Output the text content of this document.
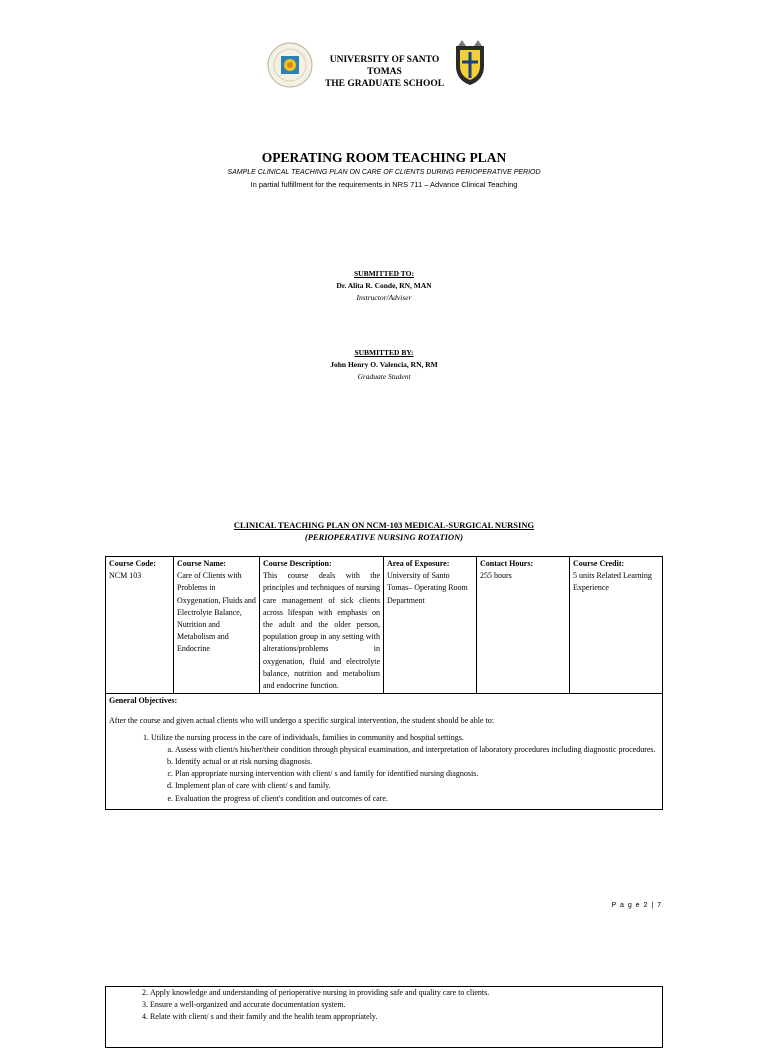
UNIVERSITY OF SANTO TOMAS
THE GRADUATE SCHOOL
OPERATING ROOM TEACHING PLAN
SAMPLE CLINICAL TEACHING PLAN ON CARE OF CLIENTS DURING PERIOPERATIVE PERIOD
In partial fulfillment for the requirements in NRS 711 – Advance Clinical Teaching
SUBMITTED TO:
Dr. Alita R. Conde, RN, MAN
Instructor/Adviser
SUBMITTED BY:
John Henry O. Valencia, RN, RM
Graduate Student
CLINICAL TEACHING PLAN ON NCM-103 MEDICAL-SURGICAL NURSING
(PERIOPERATIVE NURSING ROTATION)
Course Code:
NCM 103

Course Name:
Care of Clients with Problems in Oxygenation, Fluids and Electrolyte Balance, Nutrition and Metabolism and Endocrine

Course Description:
This course deals with the principles and techniques of nursing care management of sick clients across lifespan with emphasis on the adult and the older person, population group in any setting with alterations/problems in oxygenation, fluid and electrolyte balance, nutrition and metabolism and endocrine function.

Area of Exposure:
University of Santo Tomas– Operating Room Department

Contact Hours:
255 hours

Course Credit:
5 units Related Learning Experience

General Objectives:

After the course and given actual clients who will undergo a specific surgical intervention, the student should be able to:

1. Utilize the nursing process in the care of individuals, families in community and hospital settings.
a. Assess with client/s his/her/their condition through physical examination, and interpretation of laboratory procedures including diagnostic procedures.
b. Identify actual or at risk nursing diagnosis.
c. Plan appropriate nursing intervention with client/ s and family for identified nursing diagnosis.
d. Implement plan of care with client/ s and family.
e. Evaluation the progress of client's condition and outcomes of care.
P a g e 2 | 7
2. Apply knowledge and understanding of perioperative nursing in providing safe and quality care to clients.
3. Ensure a well-organized and accurate documentation system.
4. Relate with client/ s and their family and the health team appropriately.
